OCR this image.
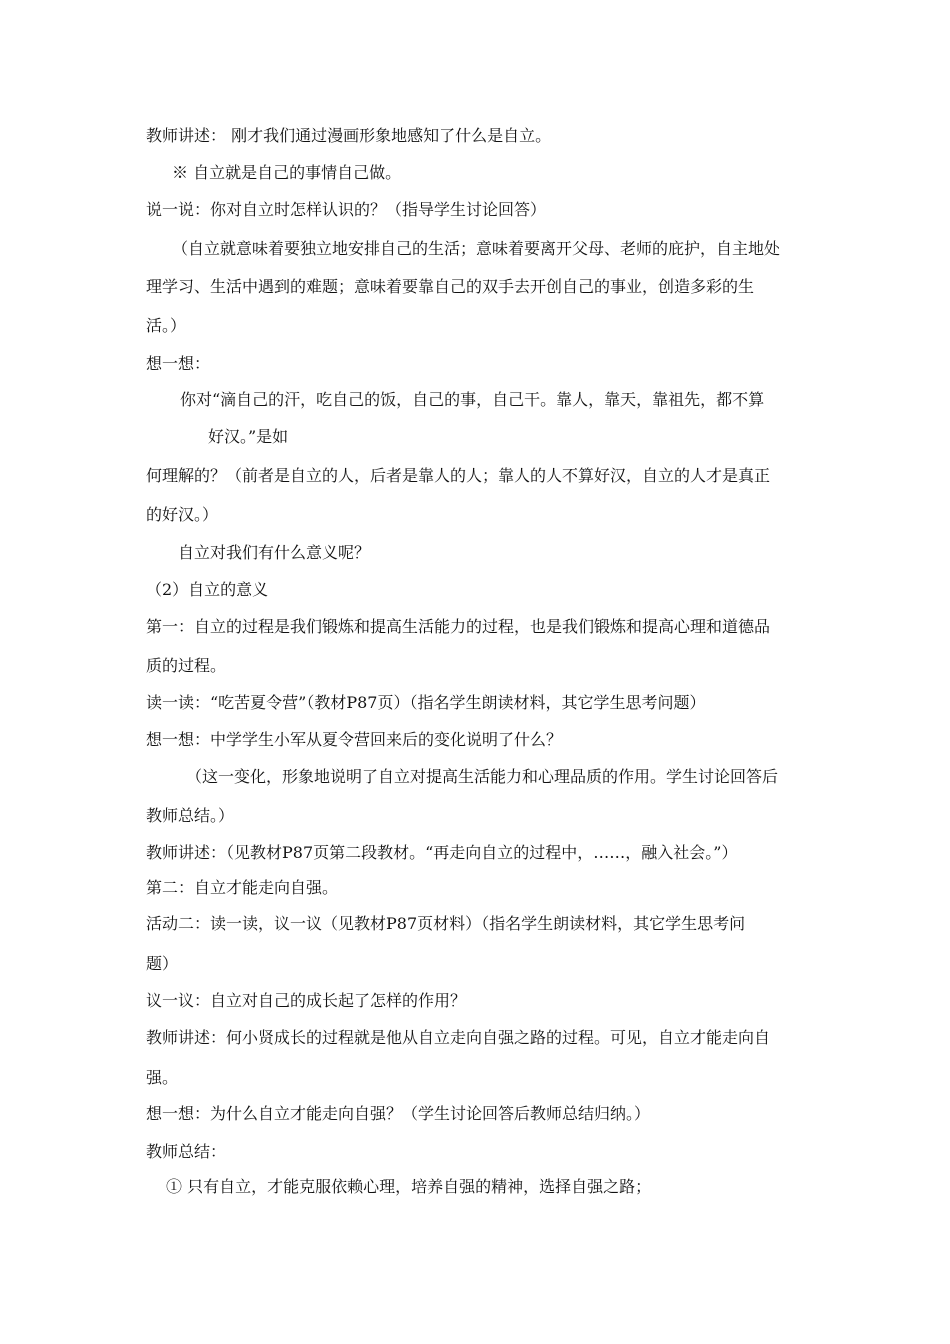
教师讲述： 刚才我们通过漫画形象地感知了什么是自立。
※ 自立就是自己的事情自己做。
说一说：你对自立时怎样认识的？（指导学生讨论回答）
（自立就意味着要独立地安排自己的生活；意味着要离开父母、老师的庇护，自主地处
理学习、生活中遇到的难题；意味着要靠自己的双手去开创自己的事业，创造多彩的生
活。）
想一想：
你对“滴自己的汗，吃自己的饭，自己的事，自己干。靠人，靠天，靠祖先，都不算
好汉。”是如
何理解的？（前者是自立的人，后者是靠人的人；靠人的人不算好汉，自立的人才是真正
的好汉。）
自立对我们有什么意义呢？
（2）自立的意义
第一：自立的过程是我们锻炼和提高生活能力的过程，也是我们锻炼和提高心理和道德品
质的过程。
读一读：“吃苦夏令营”（教材P87页）（指名学生朗读材料，其它学生思考问题）
想一想：中学学生小军从夏令营回来后的变化说明了什么？
（这一变化，形象地说明了自立对提高生活能力和心理品质的作用。学生讨论回答后
教师总结。）
教师讲述：（见教材P87页第二段教材。“再走向自立的过程中，……，融入社会。”）
第二：自立才能走向自强。
活动二：读一读，议一议（见教材P87页材料）（指名学生朗读材料，其它学生思考问
题）
议一议：自立对自己的成长起了怎样的作用？
教师讲述：何小贤成长的过程就是他从自立走向自强之路的过程。可见，自立才能走向自
强。
想一想：为什么自立才能走向自强？（学生讨论回答后教师总结归纳。）
教师总结：
① 只有自立，才能克服依赖心理，培养自强的精神，选择自强之路；
